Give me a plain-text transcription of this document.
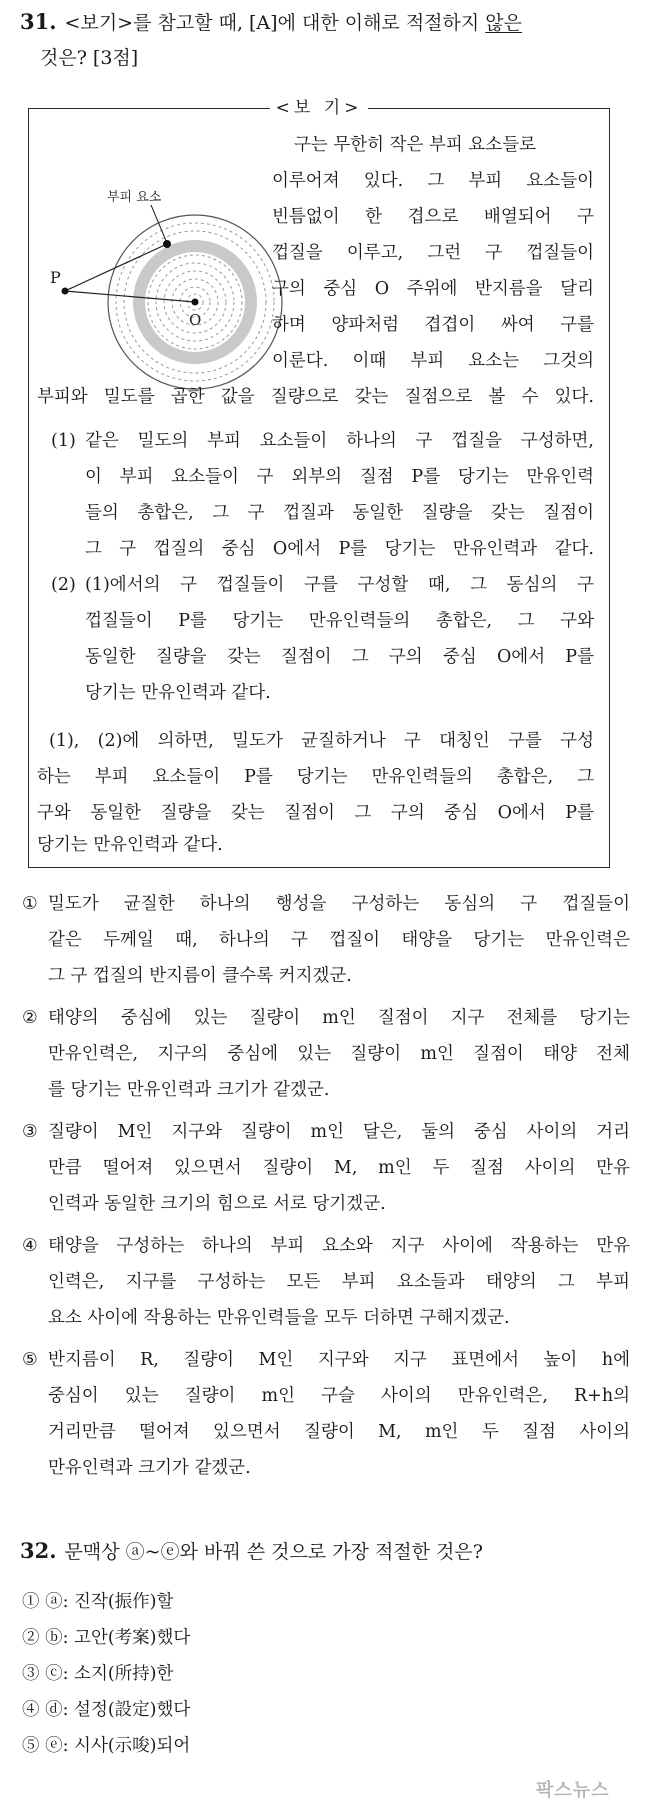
31. <보기>를 참고할 때, [A]에 대한 이해로 적절하지 않은
것은? [3점]
<보 기>
부피 요소
P
O
구는 무한히 작은 부피 요소들로
이루어져 있다. 그 부피 요소들이
빈틈없이 한 겹으로 배열되어 구
껍질을 이루고, 그런 구 껍질들이
구의 중심 O 주위에 반지름을 달리
하며 양파처럼 겹겹이 싸여 구를
이룬다. 이때 부피 요소는 그것의
부피와 밀도를 곱한 값을 질량으로 갖는 질점으로 볼 수 있다.
(1) 같은 밀도의 부피 요소들이 하나의 구 껍질을 구성하면,
이 부피 요소들이 구 외부의 질점 P를 당기는 만유인력
들의 총합은, 그 구 껍질과 동일한 질량을 갖는 질점이
그 구 껍질의 중심 O에서 P를 당기는 만유인력과 같다.
(2) (1)에서의 구 껍질들이 구를 구성할 때, 그 동심의 구
껍질들이 P를 당기는 만유인력들의 총합은, 그 구와
동일한 질량을 갖는 질점이 그 구의 중심 O에서 P를
당기는 만유인력과 같다.
(1), (2)에 의하면, 밀도가 균질하거나 구 대칭인 구를 구성
하는 부피 요소들이 P를 당기는 만유인력들의 총합은, 그
구와 동일한 질량을 갖는 질점이 그 구의 중심 O에서 P를
당기는 만유인력과 같다.
① 밀도가 균질한 하나의 행성을 구성하는 동심의 구 껍질들이
같은 두께일 때, 하나의 구 껍질이 태양을 당기는 만유인력은
그 구 껍질의 반지름이 클수록 커지겠군.
② 태양의 중심에 있는 질량이 m인 질점이 지구 전체를 당기는
만유인력은, 지구의 중심에 있는 질량이 m인 질점이 태양 전체
를 당기는 만유인력과 크기가 같겠군.
③ 질량이 M인 지구와 질량이 m인 달은, 둘의 중심 사이의 거리
만큼 떨어져 있으면서 질량이 M, m인 두 질점 사이의 만유
인력과 동일한 크기의 힘으로 서로 당기겠군.
④ 태양을 구성하는 하나의 부피 요소와 지구 사이에 작용하는 만유
인력은, 지구를 구성하는 모든 부피 요소들과 태양의 그 부피
요소 사이에 작용하는 만유인력들을 모두 더하면 구해지겠군.
⑤ 반지름이 R, 질량이 M인 지구와 지구 표면에서 높이 h에
중심이 있는 질량이 m인 구슬 사이의 만유인력은, R+h의
거리만큼 떨어져 있으면서 질량이 M, m인 두 질점 사이의
만유인력과 크기가 같겠군.
32. 문맥상 ⓐ~ⓔ와 바꿔 쓴 것으로 가장 적절한 것은?
① ⓐ: 진작(振作)할
② ⓑ: 고안(考案)했다
③ ⓒ: 소지(所持)한
④ ⓓ: 설정(設定)했다
⑤ ⓔ: 시사(示唆)되어
팍스뉴스
